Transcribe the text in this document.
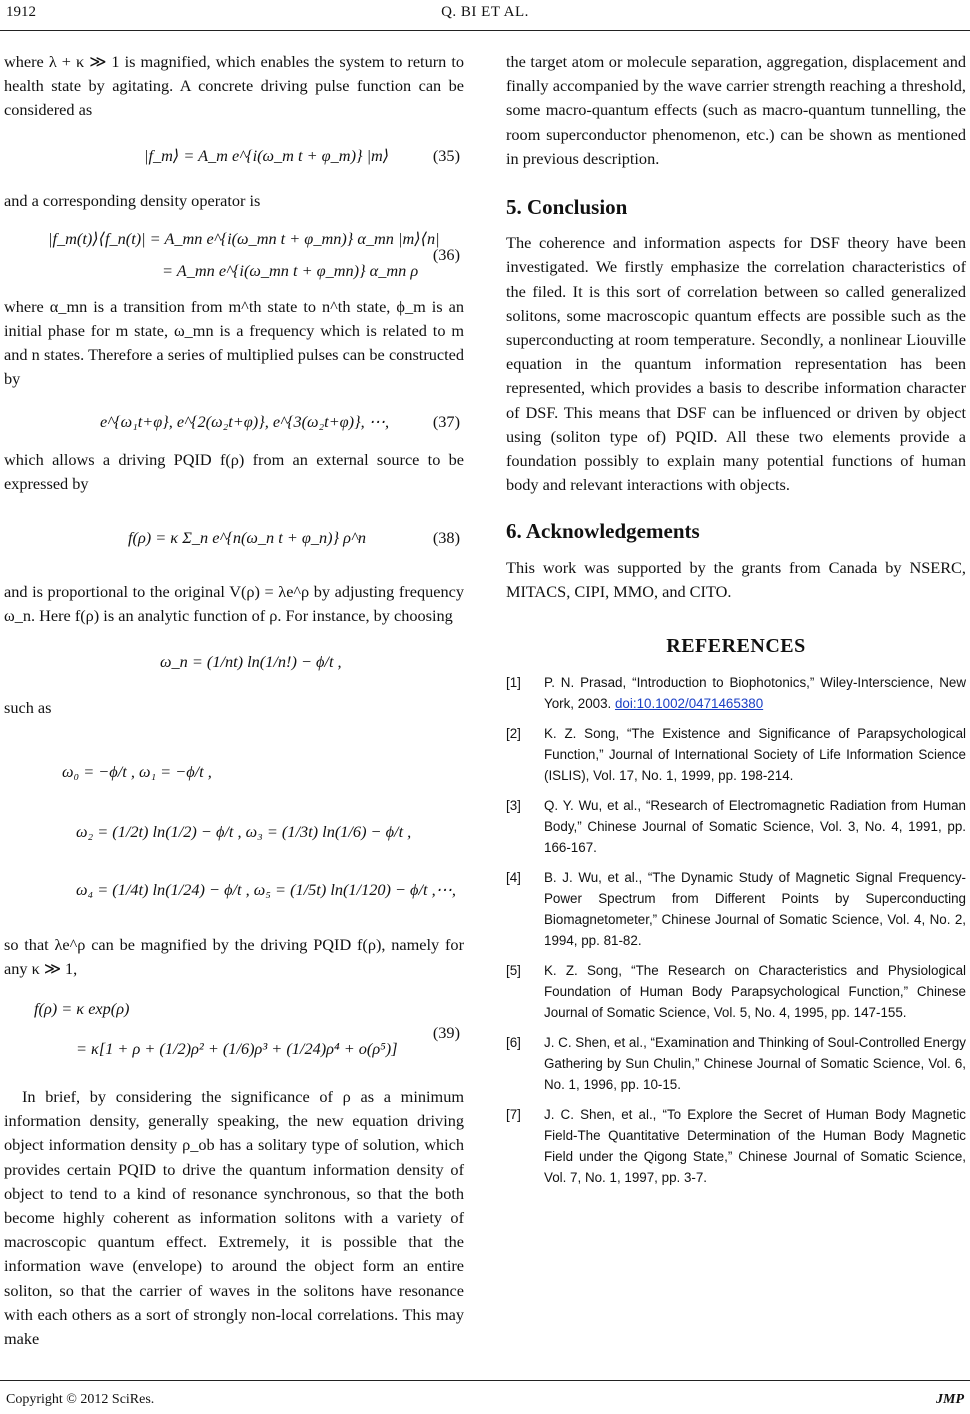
1912	Q. BI ET AL.

where λ + κ ≫ 1 is magnified, which enables the system to return to health state by agitating. A concrete driving pulse function can be considered as

|f_m⟩ = A_m e^{i(ω_m t + φ_m)} |m⟩	(35)

and a corresponding density operator is

|f_m(t)⟩⟨f_n(t)| = A_mn e^{i(ω_mn t + φ_mn)} α_mn |m⟩⟨n|
= A_mn e^{i(ω_mn t + φ_mn)} α_mn ρ
(36)

where α_mn is a transition from m^th state to n^th state, ϕ_m is an initial phase for m state, ω_mn is a frequency which is related to m and n states. Therefore a series of multiplied pulses can be constructed by

e^{ω₁t+φ}, e^{2(ω₂t+φ)}, e^{3(ω₂t+φ)}, ⋯,	(37)

which allows a driving PQID f(ρ) from an external source to be expressed by

f(ρ) = κ Σ_n e^{n(ω_n t + φ_n)} ρ^n	(38)

and is proportional to the original V(ρ) = λe^ρ by adjusting frequency ω_n. Here f(ρ) is an analytic function of ρ. For instance, by choosing

ω_n = (1/nt) ln(1/n!) − ϕ/t ,

such as

ω₀ = −ϕ/t , ω₁ = −ϕ/t ,
ω₂ = (1/2t) ln(1/2) − ϕ/t , ω₃ = (1/3t) ln(1/6) − ϕ/t ,
ω₄ = (1/4t) ln(1/24) − ϕ/t , ω₅ = (1/5t) ln(1/120) − ϕ/t ,⋯,

so that λe^ρ can be magnified by the driving PQID f(ρ), namely for any κ ≫ 1,

f(ρ) = κ exp(ρ)
= κ[1 + ρ + (1/2)ρ² + (1/6)ρ³ + (1/24)ρ⁴ + o(ρ⁵)]
(39)

In brief, by considering the significance of ρ as a minimum information density, generally speaking, the new equation driving object information density ρ_ob has a solitary type of solution, which provides certain PQID to drive the quantum information density of object to tend to a kind of resonance synchronous, so that the both become highly coherent as information solitons with a variety of macroscopic quantum effect. Extremely, it is possible that the information wave (envelope) to around the object form an entire soliton, so that the carrier of waves in the solitons have resonance with each others as a sort of strongly non-local correlations. This may make

the target atom or molecule separation, aggregation, displacement and finally accompanied by the wave carrier strength reaching a threshold, some macro-quantum effects (such as macro-quantum tunnelling, the room superconductor phenomenon, etc.) can be shown as mentioned in previous description.

5. Conclusion

The coherence and information aspects for DSF theory have been investigated. We firstly emphasize the correlation characteristics of the filed. It is this sort of correlation between so called generalized solitons, some macroscopic quantum effects are possible such as the superconducting at room temperature. Secondly, a nonlinear Liouville equation in the quantum information representation has been represented, which provides a basis to describe information character of DSF. This means that DSF can be influenced or driven by object using (soliton type of) PQID. All these two elements provide a foundation possibly to explain many potential functions of human body and relevant interactions with objects.

6. Acknowledgements

This work was supported by the grants from Canada by NSERC, MITACS, CIPI, MMO, and CITO.

REFERENCES
[1]	P. N. Prasad, “Introduction to Biophotonics,” Wiley-Interscience, New York, 2003. doi:10.1002/0471465380
[2]	K. Z. Song, “The Existence and Significance of Parapsychological Function,” Journal of International Society of Life Information Science (ISLIS), Vol. 17, No. 1, 1999, pp. 198-214.
[3]	Q. Y. Wu, et al., “Research of Electromagnetic Radiation from Human Body,” Chinese Journal of Somatic Science, Vol. 3, No. 4, 1991, pp. 166-167.
[4]	B. J. Wu, et al., “The Dynamic Study of Magnetic Signal Frequency-Power Spectrum from Different Points by Superconducting Biomagnetometer,” Chinese Journal of Somatic Science, Vol. 4, No. 2, 1994, pp. 81-82.
[5]	K. Z. Song, “The Research on Characteristics and Physiological Foundation of Human Body Parapsychological Function,” Chinese Journal of Somatic Science, Vol. 5, No. 4, 1995, pp. 147-155.
[6]	J. C. Shen, et al., “Examination and Thinking of Soul-Controlled Energy Gathering by Sun Chulin,” Chinese Journal of Somatic Science, Vol. 6, No. 1, 1996, pp. 10-15.
[7]	J. C. Shen, et al., “To Explore the Secret of Human Body Magnetic Field-The Quantitative Determination of the Human Body Magnetic Field under the Qigong State,” Chinese Journal of Somatic Science, Vol. 7, No. 1, 1997, pp. 3-7.
Copyright © 2012 SciRes.	JMP
